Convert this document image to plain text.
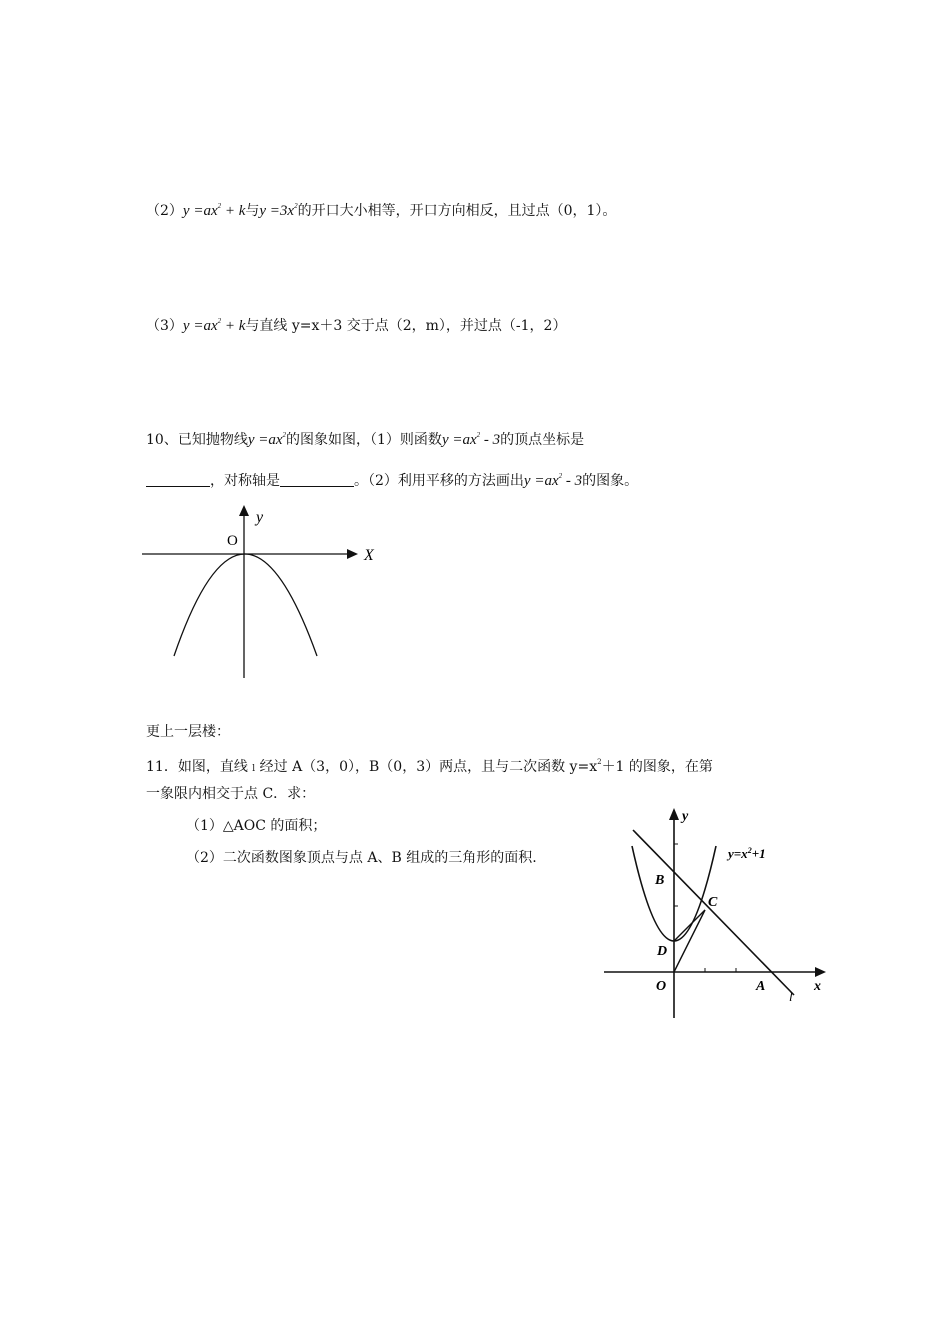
$(2)y =ax^2 + k$与$y =3x^2$的开口大小相等，开口方向相反，且过点（0，1）。
$(3)y =ax^2 + k$与直线 y=x＋3 交于点（2，m），并过点（-1，2）
10、已知抛物线$y =ax^2$的图象如图，（1）则函数$y =ax^2 - 3$的顶点坐标是
，对称轴是	。（2）利用平移的方法画出$y =ax^2 - 3$的图象。
y
X
O
更上一层楼：
11．如图，直线 l 经过 A（3，0），B（0，3）两点，且与二次函数 $y=x^2+1$ 的图象，在第
一象限内相交于点 C．求：
（1）△AOC 的面积；
（2）二次函数图象顶点与点 A、B 组成的三角形的面积.
y
x
$y=x^2+1$
B
C
D
O	A
l
